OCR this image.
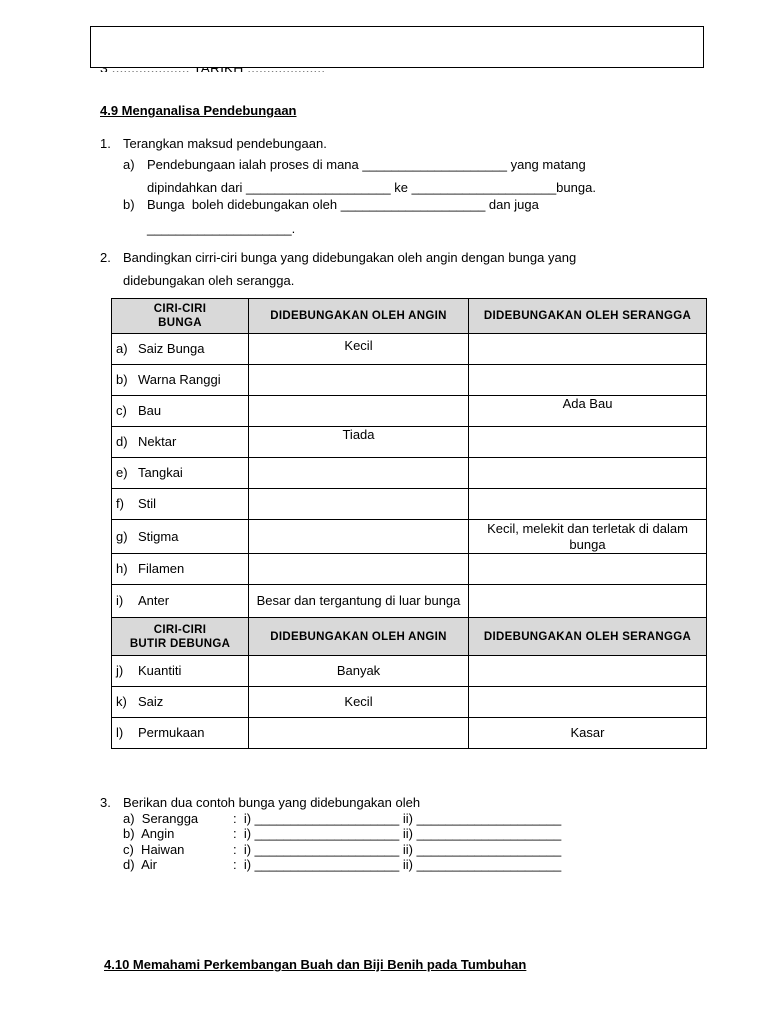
4.9 Menganalisa Pendebungaan
1. Terangkan maksud pendebungaan.
a) Pendebungaan ialah proses di mana ____________________ yang matang
dipindahkan dari ____________________ ke ____________________bunga.
b) Bunga  boleh didebungakan oleh ____________________ dan juga
____________________.
2. Bandingkan cirri-ciri bunga yang didebungakan oleh angin dengan bunga yang
didebungakan oleh serangga.
CIRI-CIRI
BUNGA	DIDEBUNGAKAN OLEH ANGIN	DIDEBUNGAKAN OLEH SERANGGA
a) Saiz Bunga	Kecil	
b) Warna Ranggi		
c) Bau		Ada Bau
d) Nektar	Tiada	
e) Tangkai		
f) Stil		
g) Stigma		Kecil, melekit dan terletak di dalam bunga
h) Filamen		
i) Anter	Besar dan tergantung di luar bunga	
CIRI-CIRI
BUTIR DEBUNGA	DIDEBUNGAKAN OLEH ANGIN	DIDEBUNGAKAN OLEH SERANGGA
j) Kuantiti	Banyak	
k) Saiz	Kecil	
l) Permukaan		Kasar
3. Berikan dua contoh bunga yang didebungakan oleh
a)  Serangga	:  i) ____________________ ii) ____________________
b)  Angin	:  i) ____________________ ii) ____________________
c)  Haiwan	:  i) ____________________ ii) ____________________
d)  Air	:  i) ____________________ ii) ____________________
4.10 Memahami Perkembangan Buah dan Biji Benih pada Tumbuhan
